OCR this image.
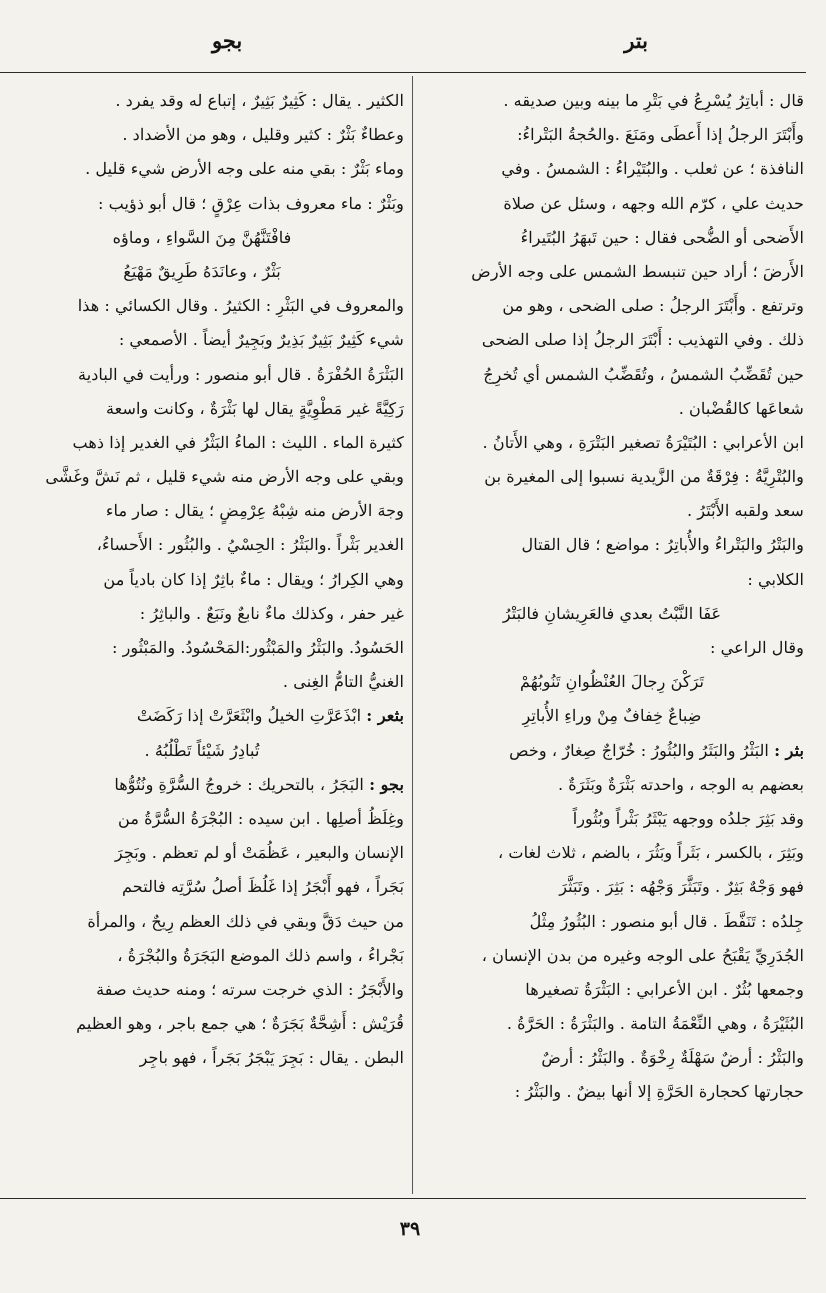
بتر
بجو
قال : أباتِرُ يُسْرِعُ في بَتْرِ ما بينه وبين صديقه .
وأَبْتَرَ الرجلُ إذا أَعطَى ومَنَعَ .والحُجةُ البَتْراءُ:
النافذة ؛ عن ثعلب . والبُتَيْراءُ : الشمسُ . وفي
حديث علي ، كرّم الله وجهه ، وسئل عن صلاة
الأَضحى أو الضُّحى فقال : حين تَبهَرُ البُتَيراءُ
الأَرضَ ؛ أراد حين تنبسط الشمس على وجه الأرض
وترتفع . وأَبْتَرَ الرجلُ : صلى الضحى ، وهو من
ذلك . وفي التهذيب : أَبْتَرَ الرجلُ إذا صلى الضحى
حين تُقَضِّبُ الشمسُ ، وتُقَضِّبُ الشمس أي تُخرِجُ
شعاعَها كالقُضْبان .
ابن الأعرابي : البُتَيْرَةُ تصغير البَتْرَةِ ، وهي الأَتانُ .
والبُتْرِيَّةُ : فِرْقَةٌ من الزَّيدية نسبوا إلى المغيرة بن
سعد ولقبه الأَبْتَرُ .
والبَتْرُ والبَتْراءُ والأُباتِرُ : مواضع ؛ قال القتال
الكلابي :
عَفَا النَّبْتُ بعدي فالعَرِيشانِ فالبَتْرُ
وقال الراعي :
تَرَكْنَ رِجالَ العُنْظُوانِ تَنُوبُهُمْ
ضِباعٌ خِفافٌ مِنْ وراءِ الأُباتِرِ
بثر : البَثْرُ والبَثَرُ والبُثُورُ : خُرّاجٌ صِغارٌ ، وخص
بعضهم به الوجه ، واحدته بَثْرَةٌ وبَثَرَةٌ .
وقد بَثِرَ جلدُه ووجهه يَبْثَرُ بَثْراً وبُثُوراً
وبَثِرَ ، بالكسر ، بَثَراً وبَثُرَ ، بالضم ، ثلاث لغات ،
فهو وَجْهٌ بَثِرٌ . وتَبَثَّرَ وَجْهُه : بَثِرَ . وتَبَثَّرَ
جِلدُه : تَنَفَّطَ . قال أبو منصور : البُثُورُ مِثْلُ
الجُدَرِيِّ يَقْبَحُ على الوجه وغيره من بدن الإنسان ،
وجمعها بُثُرٌ . ابن الأعرابي : البَثْرَةُ تصغيرها
البُثَيْرَةُ ، وهي النِّعْمَةُ التامة . والبَثْرَةُ : الحَرَّةُ .
والبَثْرُ : أرضٌ سَهْلَةٌ رِخْوَةٌ . والبَثْرُ : أرضٌ
حجارتها كحجارة الحَرَّةِ إلا أنها بيضٌ . والبَثْرُ :
الكثير . يقال : كَثِيرٌ بَثِيرٌ ، إتباع له وقد يفرد .
وعطاءٌ بَثْرٌ : كثير وقليل ، وهو من الأضداد .
وماء بَثْرٌ : بقي منه على وجه الأرض شيء قليل .
وبَثْرٌ : ماء معروف بذات عِرْقٍ ؛ قال أبو ذؤيب :
فافْتَنَّهُنَّ مِنَ السَّواءِ ، وماؤه
بَثْرٌ ، وعانَدَهُ طَرِيقٌ مَهْيَعُ
والمعروف في البَثْرِ : الكثيرُ . وقال الكسائي : هذا
شيء كَثِيرٌ بَثِيرٌ بَذِيرٌ وبَجِيرٌ أيضاً . الأصمعي :
البَثْرَةُ الحُفْرَةُ . قال أبو منصور : ورأيت في البادية
رَكِيَّةً غير مَطْوِيَّةٍ يقال لها بَثْرَةٌ ، وكانت واسعة
كثيرة الماء . الليث : الماءُ البَثْرُ في الغدير إذا ذهب
وبقي على وجه الأرض منه شيء قليل ، ثم نَشَّ وغَشَّى
وجهَ الأرض منه شِبْهُ عِرْمِضٍ ؛ يقال : صار ماء
الغدير بَثْراً .والبَثْرُ : الحِسْيُ . والبُثُور : الأَحساءُ،
وهي الكِرارُ ؛ ويقال : ماءٌ باثِرٌ إذا كان بادياً من
غير حفر ، وكذلك ماءٌ نابعٌ ونَبَعٌ . والباثِرُ :
الحَسُودُ. والبَثْرُ والمَبْثُور:المَحْسُودُ. والمَبْثُور :
الغنيُّ التامُّ الغِنى .
بثعر : ابْذَعَرَّتِ الخيلُ وابْثَعَرَّتْ إذا رَكَضَتْ
تُبادِرُ شَيْئاً تَطْلُبُهُ .
بجو : البَجَرُ ، بالتحريك : خروجُ السُّرَّةِ ونُتُوُّها
وغِلَظُ أصلِها . ابن سيده : البُجْرَةُ السُّرَّةُ من
الإنسان والبعير ، عَظُمَتْ أو لم تعظم . وبَجِرَ
بَجَراً ، فهو أَبْجَرُ إذا غَلُظَ أصلُ سُرَّتِه فالتحم
من حيث دَقَّ وبقي في ذلك العظم رِيحٌ ، والمرأة
بَجْراءُ ، واسم ذلك الموضع البَجَرَةُ والبُجْرَةُ ،
والأَبْجَرُ : الذي خرجت سرته ؛ ومنه حديث صفة
قُرَيْش : أَشِحَّةٌ بَجَرَةٌ ؛ هي جمع باجر ، وهو العظيم
البطن . يقال : بَجِرَ يَبْجَرُ بَجَراً ، فهو باجِر
٣٩
